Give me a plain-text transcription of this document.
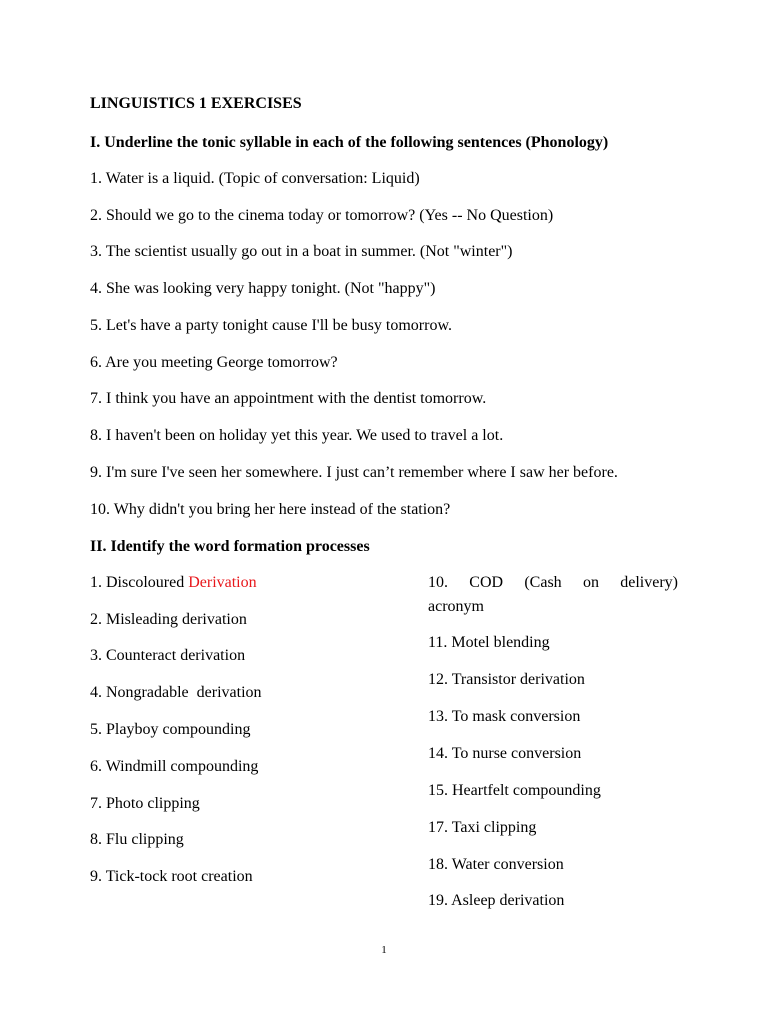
LINGUISTICS 1 EXERCISES
I. Underline the tonic syllable in each of the following sentences (Phonology)
1. Water is a liquid. (Topic of conversation: Liquid)
2. Should we go to the cinema today or tomorrow? (Yes -- No Question)
3. The scientist usually go out in a boat in summer. (Not "winter")
4. She was looking very happy tonight. (Not "happy")
5. Let's have a party tonight cause I'll be busy tomorrow.
6. Are you meeting George tomorrow?
7. I think you have an appointment with the dentist tomorrow.
8. I haven't been on holiday yet this year. We used to travel a lot.
9. I'm sure I've seen her somewhere. I just can’t remember where I saw her before.
10. Why didn't you bring her here instead of the station?
II. Identify the word formation processes
1. Discoloured Derivation
2. Misleading derivation
3. Counteract derivation
4. Nongradable  derivation
5. Playboy compounding
6. Windmill compounding
7. Photo clipping
8. Flu clipping
9. Tick-tock root creation
10. COD (Cash on delivery)
acronym
11. Motel blending
12. Transistor derivation
13. To mask conversion
14. To nurse conversion
15. Heartfelt compounding
17. Taxi clipping
18. Water conversion
19. Asleep derivation
1
